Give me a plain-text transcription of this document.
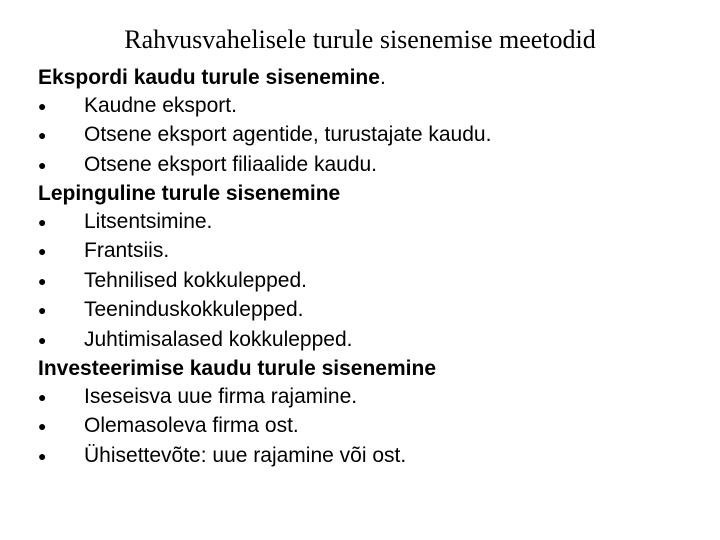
Rahvusvahelisele turule sisenemise meetodid
Ekspordi kaudu turule sisenemine.
●	Kaudne eksport.
●	Otsene eksport agentide, turustajate kaudu.
●	Otsene eksport filiaalide kaudu.
Lepinguline turule sisenemine
●	Litsentsimine.
●	Frantsiis.
●	Tehnilised kokkulepped.
●	Teeninduskokkulepped.
●	Juhtimisalased kokkulepped.
Investeerimise kaudu turule sisenemine
●	Iseseisva uue firma rajamine.
●	Olemasoleva firma ost.
●	Ühisettevõte: uue rajamine või ost.
